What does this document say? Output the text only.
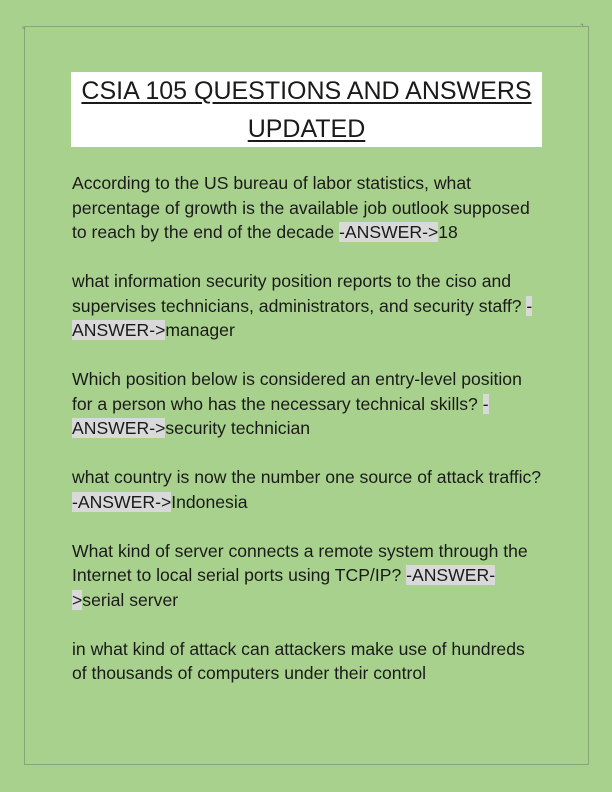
⌞	⌝
CSIA 105 QUESTIONS AND ANSWERS
UPDATED

According to the US bureau of labor statistics, what percentage of growth is the available job outlook supposed to reach by the end of the decade -ANSWER->18

what information security position reports to the ciso and supervises technicians, administrators, and security staff? -ANSWER->manager

Which position below is considered an entry-level position for a person who has the necessary technical skills? -ANSWER->security technician

what country is now the number one source of attack traffic? -ANSWER->Indonesia

What kind of server connects a remote system through the Internet to local serial ports using TCP/IP? -ANSWER->serial server

in what kind of attack can attackers make use of hundreds of thousands of computers under their control
